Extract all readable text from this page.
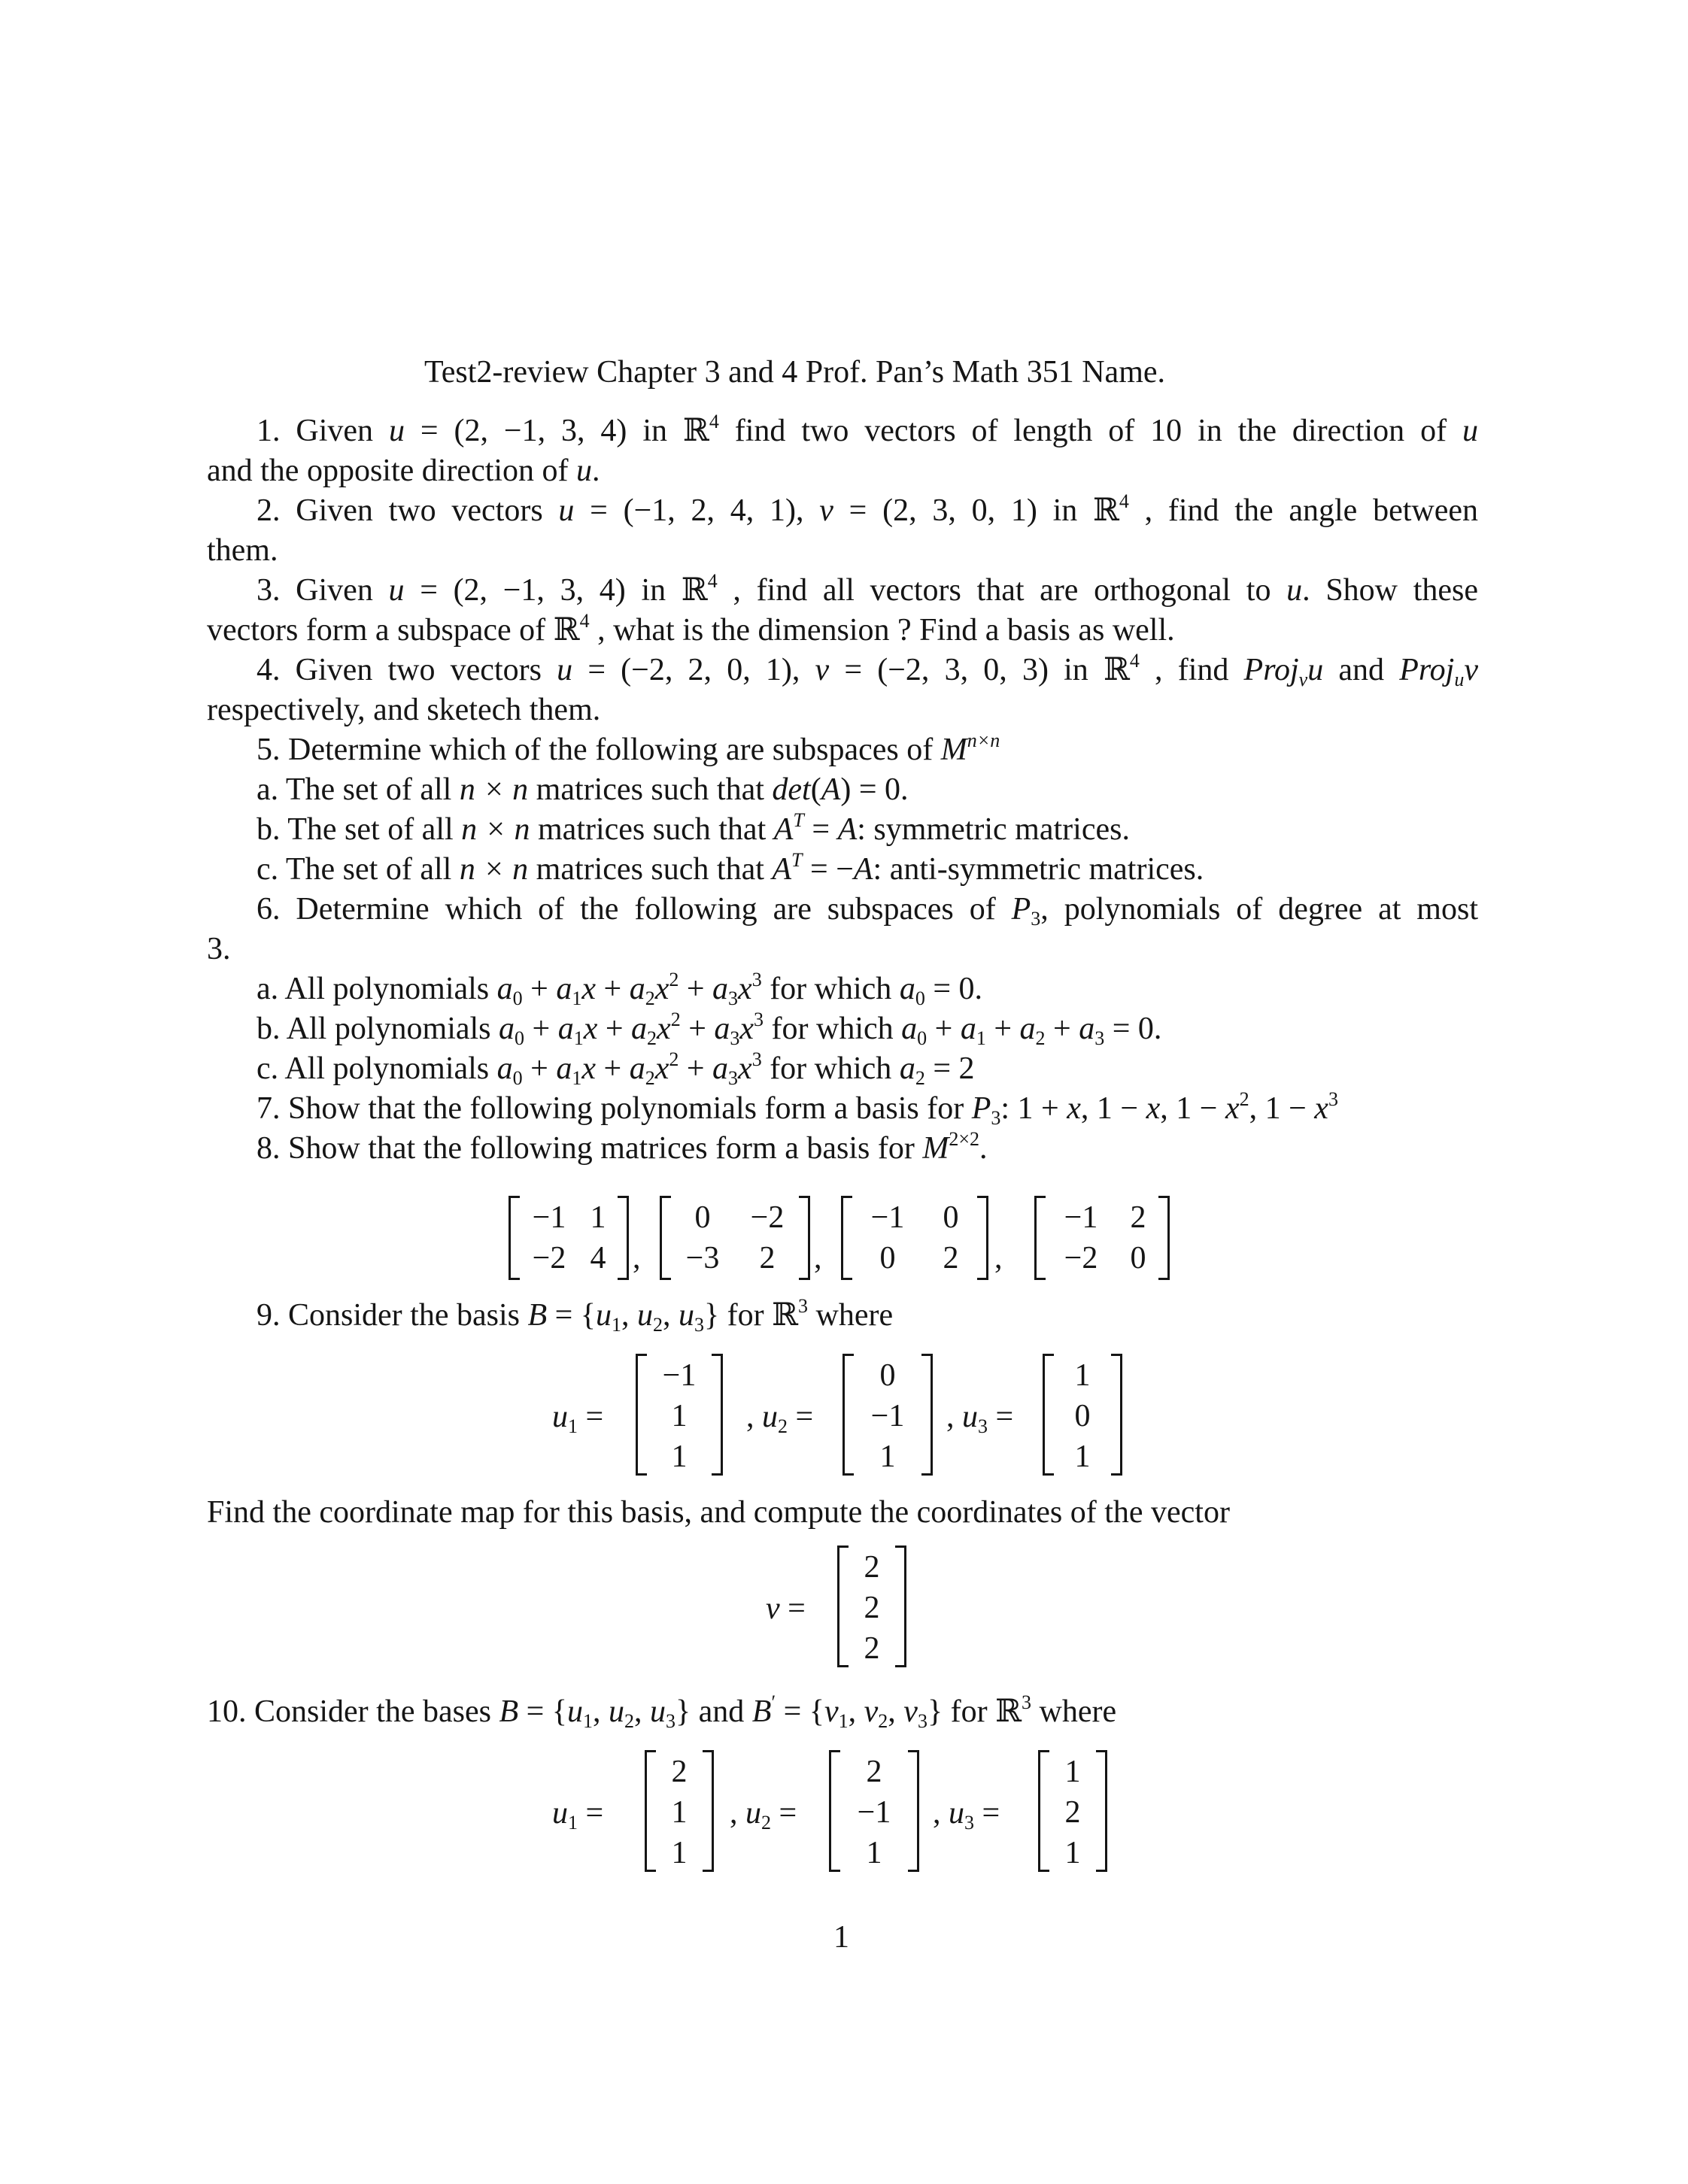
Test2-review Chapter 3 and 4 Prof. Pan’s Math 351 Name.
1. Given u = (2, −1, 3, 4) in ℝ$^4$ find two vectors of length of 10 in the direction of u
and the opposite direction of u.
2. Given two vectors u = (−1, 2, 4, 1), v = (2, 3, 0, 1) in ℝ$^4$ , find the angle between
them.
3. Given u = (2, −1, 3, 4) in ℝ$^4$ , find all vectors that are orthogonal to u. Show these
vectors form a subspace of ℝ$^4$ , what is the dimension ? Find a basis as well.
4. Given two vectors u = (−2, 2, 0, 1), v = (−2, 3, 0, 3) in ℝ$^4$ , find Proj$_v$u and Proj$_u$v
respectively, and sketech them.
5. Determine which of the following are subspaces of $M^{n\times n}$
a. The set of all n × n matrices such that det(A) = 0.
b. The set of all n × n matrices such that $A^T = A$: symmetric matrices.
c. The set of all n × n matrices such that $A^T = -A$: anti-symmetric matrices.
6. Determine which of the following are subspaces of $P_3$, polynomials of degree at most
3.
a. All polynomials $a_0 + a_1x + a_2x^2 + a_3x^3$ for which $a_0 = 0$.
b. All polynomials $a_0 + a_1x + a_2x^2 + a_3x^3$ for which $a_0 + a_1 + a_2 + a_3 = 0$.
c. All polynomials $a_0 + a_1x + a_2x^2 + a_3x^3$ for which $a_2 = 2$
7. Show that the following polynomials form a basis for $P_3$: 1 + x, 1 − x, $1 - x^2$, $1 - x^3$
8. Show that the following matrices form a basis for $M^{2\times 2}$.
−1 1
−2 4 ,
0	−2
−3	2	,
−1	0
0	2	,
−1	2
−2	0
9. Consider the basis $B = \{u_1$, $u_2$, $u_3$} for ℝ$^3$ where
$u_1$ =
−1
1
1
, $u_2$ =
0
−1
1
, $u_3$ =
1
0
1
Find the coordinate map for this basis, and compute the coordinates of the vector
v =
2
2
2
10. Consider the bases $B = \{u_1$, $u_2$, $u_3$} and $B' = \{v_1$, $v_2$, $v_3$} for ℝ$^3$ where
$u_1$ =
2
1
1
, $u_2$ =
2
−1
1
, $u_3$ =
1
2
1
1
